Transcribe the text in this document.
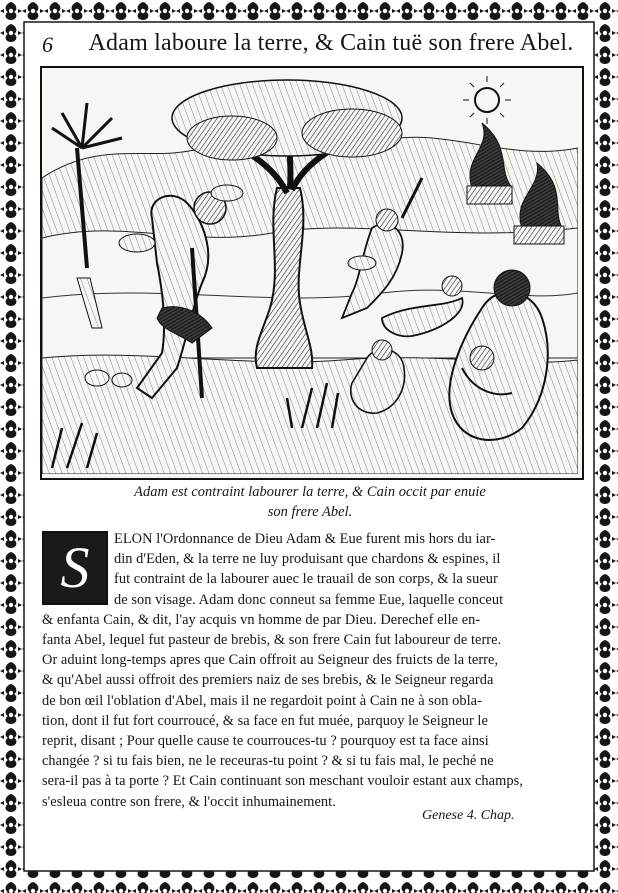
6	Adam laboure la terre, & Cain tuë son frere Abel.
Adam est contraint labourer la terre, & Cain occit par enuie
son frere Abel.
S	ELON l'Ordonnance de Dieu Adam & Eue furent mis hors du iar-
din d'Eden, & la terre ne luy produisant que chardons & espines, il
fut contraint de la labourer auec le trauail de son corps, & la sueur
de son visage. Adam donc conneut sa femme Eue, laquelle conceut
& enfanta Cain, & dit, l'ay acquis vn homme de par Dieu. Derechef elle en-
fanta Abel, lequel fut pasteur de brebis, & son frere Cain fut laboureur de terre.
Or aduint long-temps apres que Cain offroit au Seigneur des fruicts de la terre,
& qu'Abel aussi offroit des premiers naiz de ses brebis, & le Seigneur regarda
de bon œil l'oblation d'Abel, mais il ne regardoit point à Cain ne à son obla-
tion, dont il fut fort courroucé, & sa face en fut muée, parquoy le Seigneur le
reprit, disant ; Pour quelle cause te courrouces-tu ? pourquoy est ta face ainsi
changée ? si tu fais bien, ne le receuras-tu point ? & si tu fais mal, le peché ne
sera-il pas à ta porte ? Et Cain continuant son meschant vouloir estant aux champs,
s'esleua contre son frere, & l'occit inhumainement.
Genese 4. Chap.
